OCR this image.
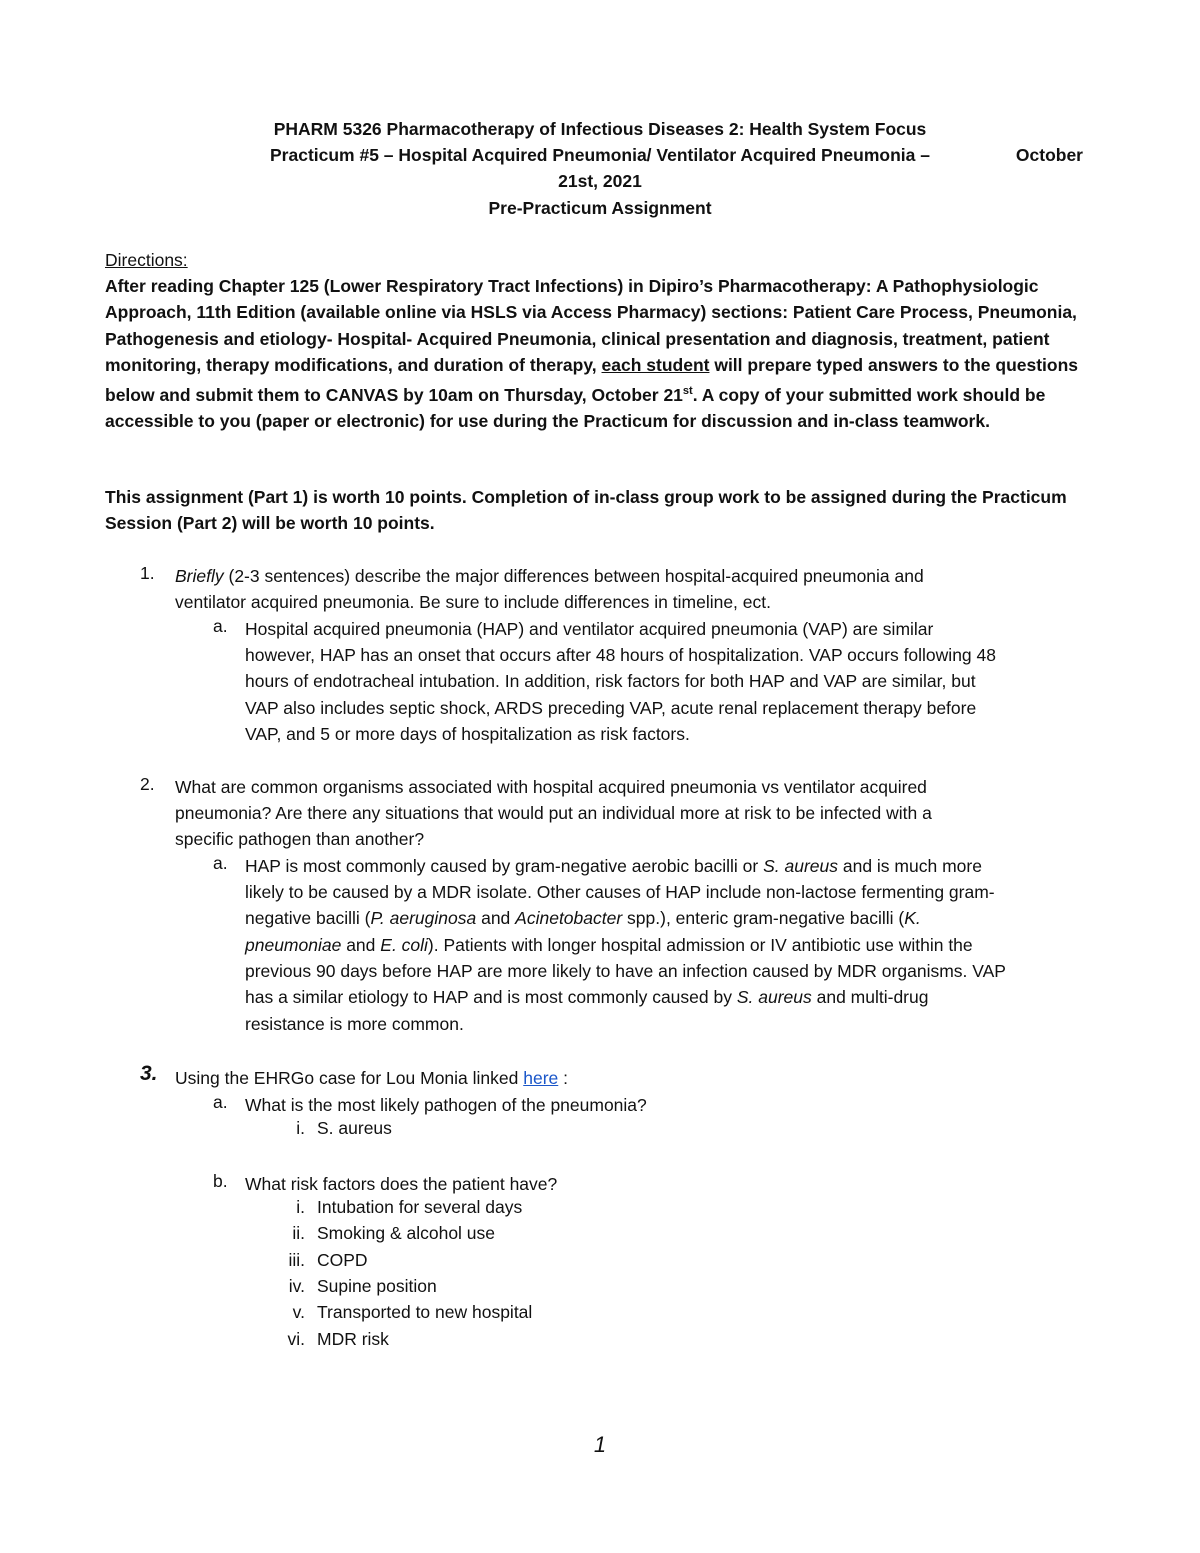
PHARM 5326 Pharmacotherapy of Infectious Diseases 2: Health System Focus
Practicum #5 – Hospital Acquired Pneumonia/ Ventilator Acquired Pneumonia –	October
21st, 2021
Pre-Practicum Assignment
Directions:
After reading Chapter 125 (Lower Respiratory Tract Infections) in Dipiro’s Pharmacotherapy: A Pathophysiologic Approach, 11th Edition (available online via HSLS via Access Pharmacy) sections: Patient Care Process, Pneumonia, Pathogenesis and etiology- Hospital- Acquired Pneumonia, clinical presentation and diagnosis, treatment, patient monitoring, therapy modifications, and duration of therapy, each student will prepare typed answers to the questions below and submit them to CANVAS by 10am on Thursday, October 21st. A copy of your submitted work should be accessible to you (paper or electronic) for use during the Practicum for discussion and in-class teamwork.
This assignment (Part 1) is worth 10 points. Completion of in-class group work to be assigned during the Practicum Session (Part 2) will be worth 10 points.
1.	Briefly (2-3 sentences) describe the major differences between hospital-acquired pneumonia and
ventilator acquired pneumonia. Be sure to include differences in timeline, ect.
a. Hospital acquired pneumonia (HAP) and ventilator acquired pneumonia (VAP) are similar
however, HAP has an onset that occurs after 48 hours of hospitalization. VAP occurs following 48
hours of endotracheal intubation. In addition, risk factors for both HAP and VAP are similar, but
VAP also includes septic shock, ARDS preceding VAP, acute renal replacement therapy before
VAP, and 5 or more days of hospitalization as risk factors.
2.	What are common organisms associated with hospital acquired pneumonia vs ventilator acquired
pneumonia? Are there any situations that would put an individual more at risk to be infected with a
specific pathogen than another?
a. HAP is most commonly caused by gram-negative aerobic bacilli or S. aureus and is much more
likely to be caused by a MDR isolate. Other causes of HAP include non-lactose fermenting gram-
negative bacilli (P. aeruginosa and Acinetobacter spp.), enteric gram-negative bacilli (K.
pneumoniae and E. coli). Patients with longer hospital admission or IV antibiotic use within the
previous 90 days before HAP are more likely to have an infection caused by MDR organisms. VAP
has a similar etiology to HAP and is most commonly caused by S. aureus and multi-drug
resistance is more common.
3. Using the EHRGo case for Lou Monia linked here :
a. What is the most likely pathogen of the pneumonia?
i. S. aureus
b. What risk factors does the patient have?
i. Intubation for several days
ii. Smoking & alcohol use
iii. COPD
iv. Supine position
v. Transported to new hospital
vi. MDR risk
1
